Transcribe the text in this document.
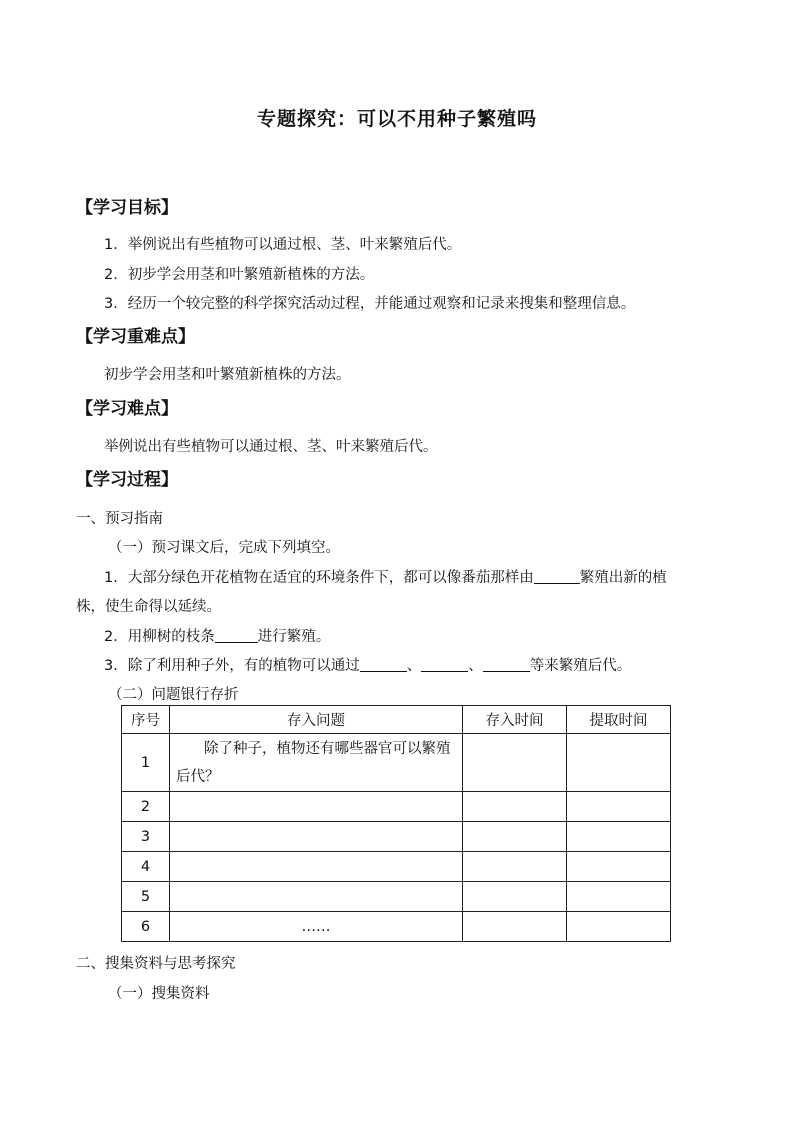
专题探究：可以不用种子繁殖吗
【学习目标】
1．举例说出有些植物可以通过根、茎、叶来繁殖后代。
2．初步学会用茎和叶繁殖新植株的方法。
3．经历一个较完整的科学探究活动过程，并能通过观察和记录来搜集和整理信息。
【学习重难点】
初步学会用茎和叶繁殖新植株的方法。
【学习难点】
举例说出有些植物可以通过根、茎、叶来繁殖后代。
【学习过程】
一、预习指南
（一）预习课文后，完成下列填空。
1．大部分绿色开花植物在适宜的环境条件下，都可以像番茄那样由	繁殖出新的植
株，使生命得以延续。
2．用柳树的枝条	进行繁殖。
3．除了利用种子外，有的植物可以通过	、	、	等来繁殖后代。
（二）问题银行存折
序号	存入问题	存入时间	提取时间
1	除了种子，植物还有哪些器官可以繁殖后代？		
2			
3			
4			
5			
6	……		
二、搜集资料与思考探究
（一）搜集资料
